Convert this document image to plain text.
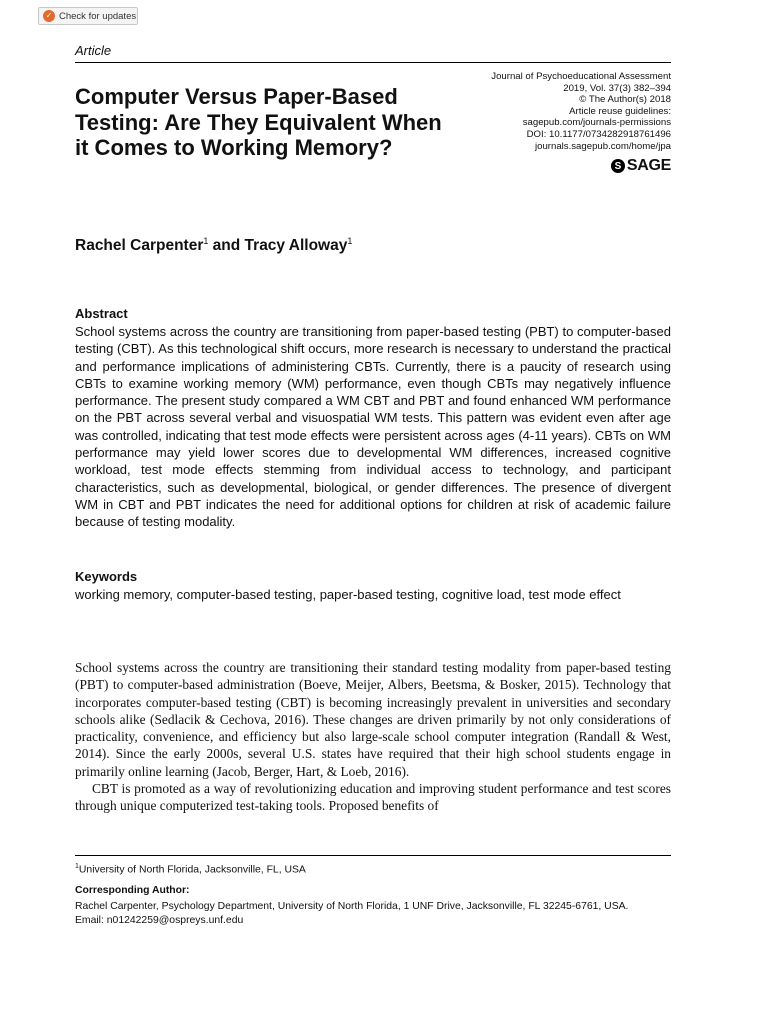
✓ Check for updates
Article
Journal of Psychoeducational Assessment
2019, Vol. 37(3) 382–394
© The Author(s) 2018
Article reuse guidelines:
sagepub.com/journals-permissions
DOI: 10.1177/0734282918761496
journals.sagepub.com/home/jpa
S SAGE
Computer Versus Paper-Based Testing: Are They Equivalent When it Comes to Working Memory?
Rachel Carpenter$^1$ and Tracy Alloway$^1$
Abstract

School systems across the country are transitioning from paper-based testing (PBT) to computer-based testing (CBT). As this technological shift occurs, more research is necessary to understand the practical and performance implications of administering CBTs. Currently, there is a paucity of research using CBTs to examine working memory (WM) performance, even though CBTs may negatively influence performance. The present study compared a WM CBT and PBT and found enhanced WM performance on the PBT across several verbal and visuospatial WM tests. This pattern was evident even after age was controlled, indicating that test mode effects were persistent across ages (4-11 years). CBTs on WM performance may yield lower scores due to developmental WM differences, increased cognitive workload, test mode effects stemming from individual access to technology, and participant characteristics, such as developmental, biological, or gender differences. The presence of divergent WM in CBT and PBT indicates the need for additional options for children at risk of academic failure because of testing modality.

Keywords
working memory, computer-based testing, paper-based testing, cognitive load, test mode effect

School systems across the country are transitioning their standard testing modality from paper-based testing (PBT) to computer-based administration (Boeve, Meijer, Albers, Beetsma, & Bosker, 2015). Technology that incorporates computer-based testing (CBT) is becoming increasingly prevalent in universities and secondary schools alike (Sedlacik & Cechova, 2016). These changes are driven primarily by not only considerations of practicality, convenience, and efficiency but also large-scale school computer integration (Randall & West, 2014). Since the early 2000s, several U.S. states have required that their high school students engage in primarily online learning (Jacob, Berger, Hart, & Loeb, 2016).

CBT is promoted as a way of revolutionizing education and improving student performance and test scores through unique computerized test-taking tools. Proposed benefits of

$^1$University of North Florida, Jacksonville, FL, USA
Corresponding Author:
Rachel Carpenter, Psychology Department, University of North Florida, 1 UNF Drive, Jacksonville, FL 32245-6761, USA.
Email: n01242259@ospreys.unf.edu
